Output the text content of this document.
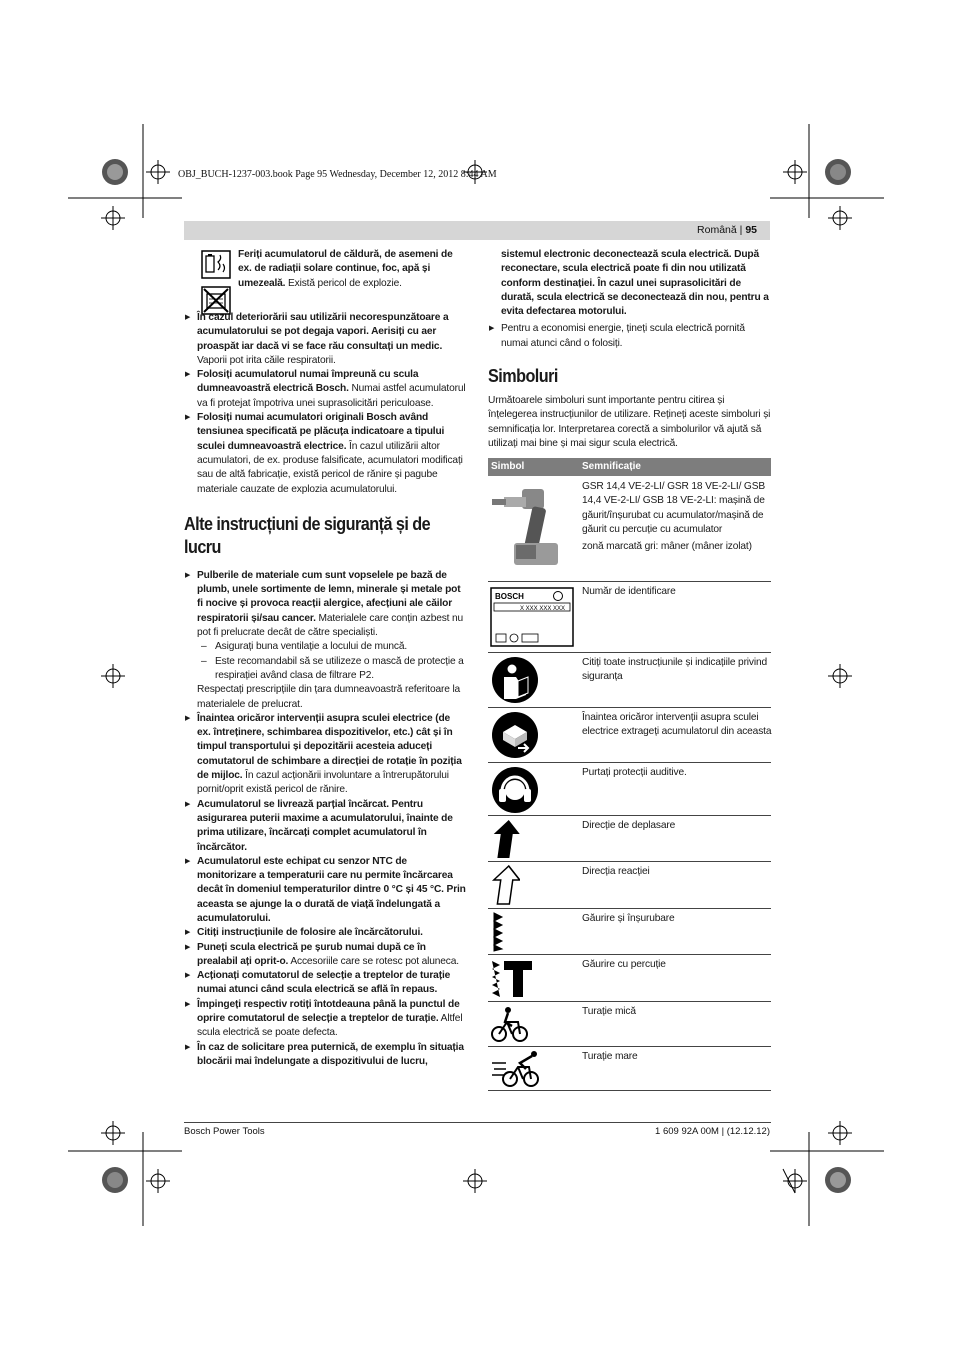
OBJ_BUCH-1237-003.book Page 95 Wednesday, December 12, 2012 8:44 AM
Română | 95

Feriți acumulatorul de căldură, de asemeni de ex. de radiații solare continue, foc, apă și umezeală. Există pericol de explozie.

▶ În cazul deteriorării sau utilizării necorespunzătoare a acumulatorului se pot degaja vapori. Aerisiți cu aer proaspăt iar dacă vi se face rău consultați un medic. Vaporii pot irita căile respiratorii.

▶ Folosiți acumulatorul numai împreună cu scula dumneavoastră electrică Bosch. Numai astfel acumulatorul va fi protejat împotriva unei suprasolicitări periculoase.

▶ Folosiți numai acumulatori originali Bosch având tensiunea specificată pe plăcuța indicatoare a tipului sculei dumneavoastră electrice. În cazul utilizării altor acumulatori, de ex. produse falsificate, acumulatori modificați sau de altă fabricație, există pericol de rănire și pagube materiale cauzate de explozia acumulatorului.

Alte instrucțiuni de siguranță și de lucru

▶ Pulberile de materiale cum sunt vopselele pe bază de plumb, unele sortimente de lemn, minerale și metale pot fi nocive și provoca reacții alergice, afecțiuni ale căilor respiratorii și/sau cancer. Materialele care conțin azbest nu pot fi prelucrate decât de către specialiști.

– Asigurați buna ventilație a locului de muncă.

– Este recomandabil să se utilizeze o mască de protecție a respirației având clasa de filtrare P2.

Respectați prescripțiile din țara dumneavoastră referitoare la materialele de prelucrat.

▶ Înaintea oricăror intervenții asupra sculei electrice (de ex. întreținere, schimbarea dispozitivelor, etc.) cât și în timpul transportului și depozitării acesteia aduceți comutatorul de schimbare a direcției de rotație în poziția de mijloc. În cazul acționării involuntare a întrerupătorului pornit/oprit există pericol de rănire.

▶ Acumulatorul se livrează parțial încărcat. Pentru asigurarea puterii maxime a acumulatorului, înainte de prima utilizare, încărcați complet acumulatorul în încărcător.

▶ Acumulatorul este echipat cu senzor NTC de monitorizare a temperaturii care nu permite încărcarea decât în domeniul temperaturilor dintre 0 °C și 45 °C. Prin aceasta se ajunge la o durată de viață îndelungată a acumulatorului.

▶ Citiți instrucțiunile de folosire ale încărcătorului.

▶ Puneți scula electrică pe șurub numai după ce în prealabil ați oprit-o. Accesoriile care se rotesc pot aluneca.

▶ Acționați comutatorul de selecție a treptelor de turație numai atunci când scula electrică se află în repaus.

▶ Împingeți respectiv rotiți întotdeauna până la punctul de oprire comutatorul de selecție a treptelor de turație. Altfel scula electrică se poate defecta.

▶ În caz de solicitare prea puternică, de exemplu în situația blocării mai îndelungate a dispozitivului de lucru,

sistemul electronic deconectează scula electrică. După reconectare, scula electrică poate fi din nou utilizată conform destinației. În cazul unei suprasolicitări de durată, scula electrică se deconectează din nou, pentru a evita defectarea motorului.

▶ Pentru a economisi energie, țineți scula electrică pornită numai atunci când o folosiți.

Simboluri

Următoarele simboluri sunt importante pentru citirea și înțelegerea instrucțiunilor de utilizare. Rețineți aceste simboluri și semnificația lor. Interpretarea corectă a simbolurilor vă ajută să utilizați mai bine și mai sigur scula electrică.

Simbol	Semnificație
GSR 14,4 VE-2-LI/ GSR 18 VE-2-LI/ GSB 14,4 VE-2-LI/ GSB 18 VE-2-LI: mașină de găurit/înșurubat cu acumulator/mașină de găurit cu percuție cu acumulator
zonă marcată gri: mâner (mâner izolat)
BOSCH
X XXX XXX XXX
Număr de identificare
Citiți toate instrucțiunile și indicațiile privind siguranța
Înaintea oricăror intervenții asupra sculei electrice extrageți acumulatorul din aceasta
Purtați protecții auditive.
Direcție de deplasare
Direcția reacției
Găurire și înșurubare
Găurire cu percuție
Turație mică
Turație mare
Bosch Power Tools	1 609 92A 00M | (12.12.12)
